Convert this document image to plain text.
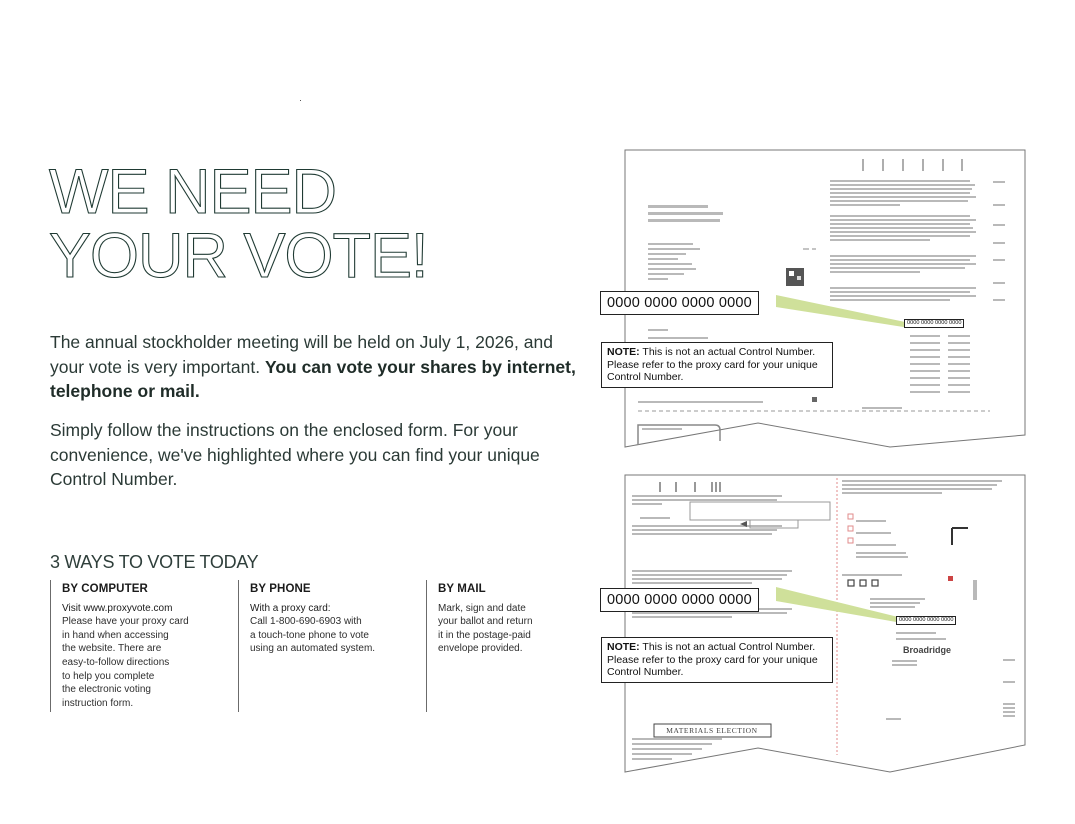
WE NEED
YOUR VOTE!

The annual stockholder meeting will be held on July 1, 2026, and your vote is very important. You can vote your shares by internet, telephone or mail.

Simply follow the instructions on the enclosed form. For your convenience, we've highlighted where you can find your unique Control Number.

3 WAYS TO VOTE TODAY
BY COMPUTER
Visit www.proxyvote.com

Please have your proxy card
in hand when accessing
the website. There are
easy-to-follow directions
to help you complete
the electronic voting
instruction form.

BY PHONE
With a proxy card:

Call 1-800-690-6903 with
a touch-tone phone to vote
using an automated system.

BY MAIL

Mark, sign and date
your ballot and return
it in the postage-paid
envelope provided.

0000 0000 0000 0000
0000 0000 0000 0000
NOTE: This is not an actual Control Number. Please refer to the proxy card for your unique Control Number.
Broadridge
MATERIALS ELECTION
0000 0000 0000 0000
0000 0000 0000 0000
NOTE: This is not an actual Control Number. Please refer to the proxy card for your unique Control Number.
